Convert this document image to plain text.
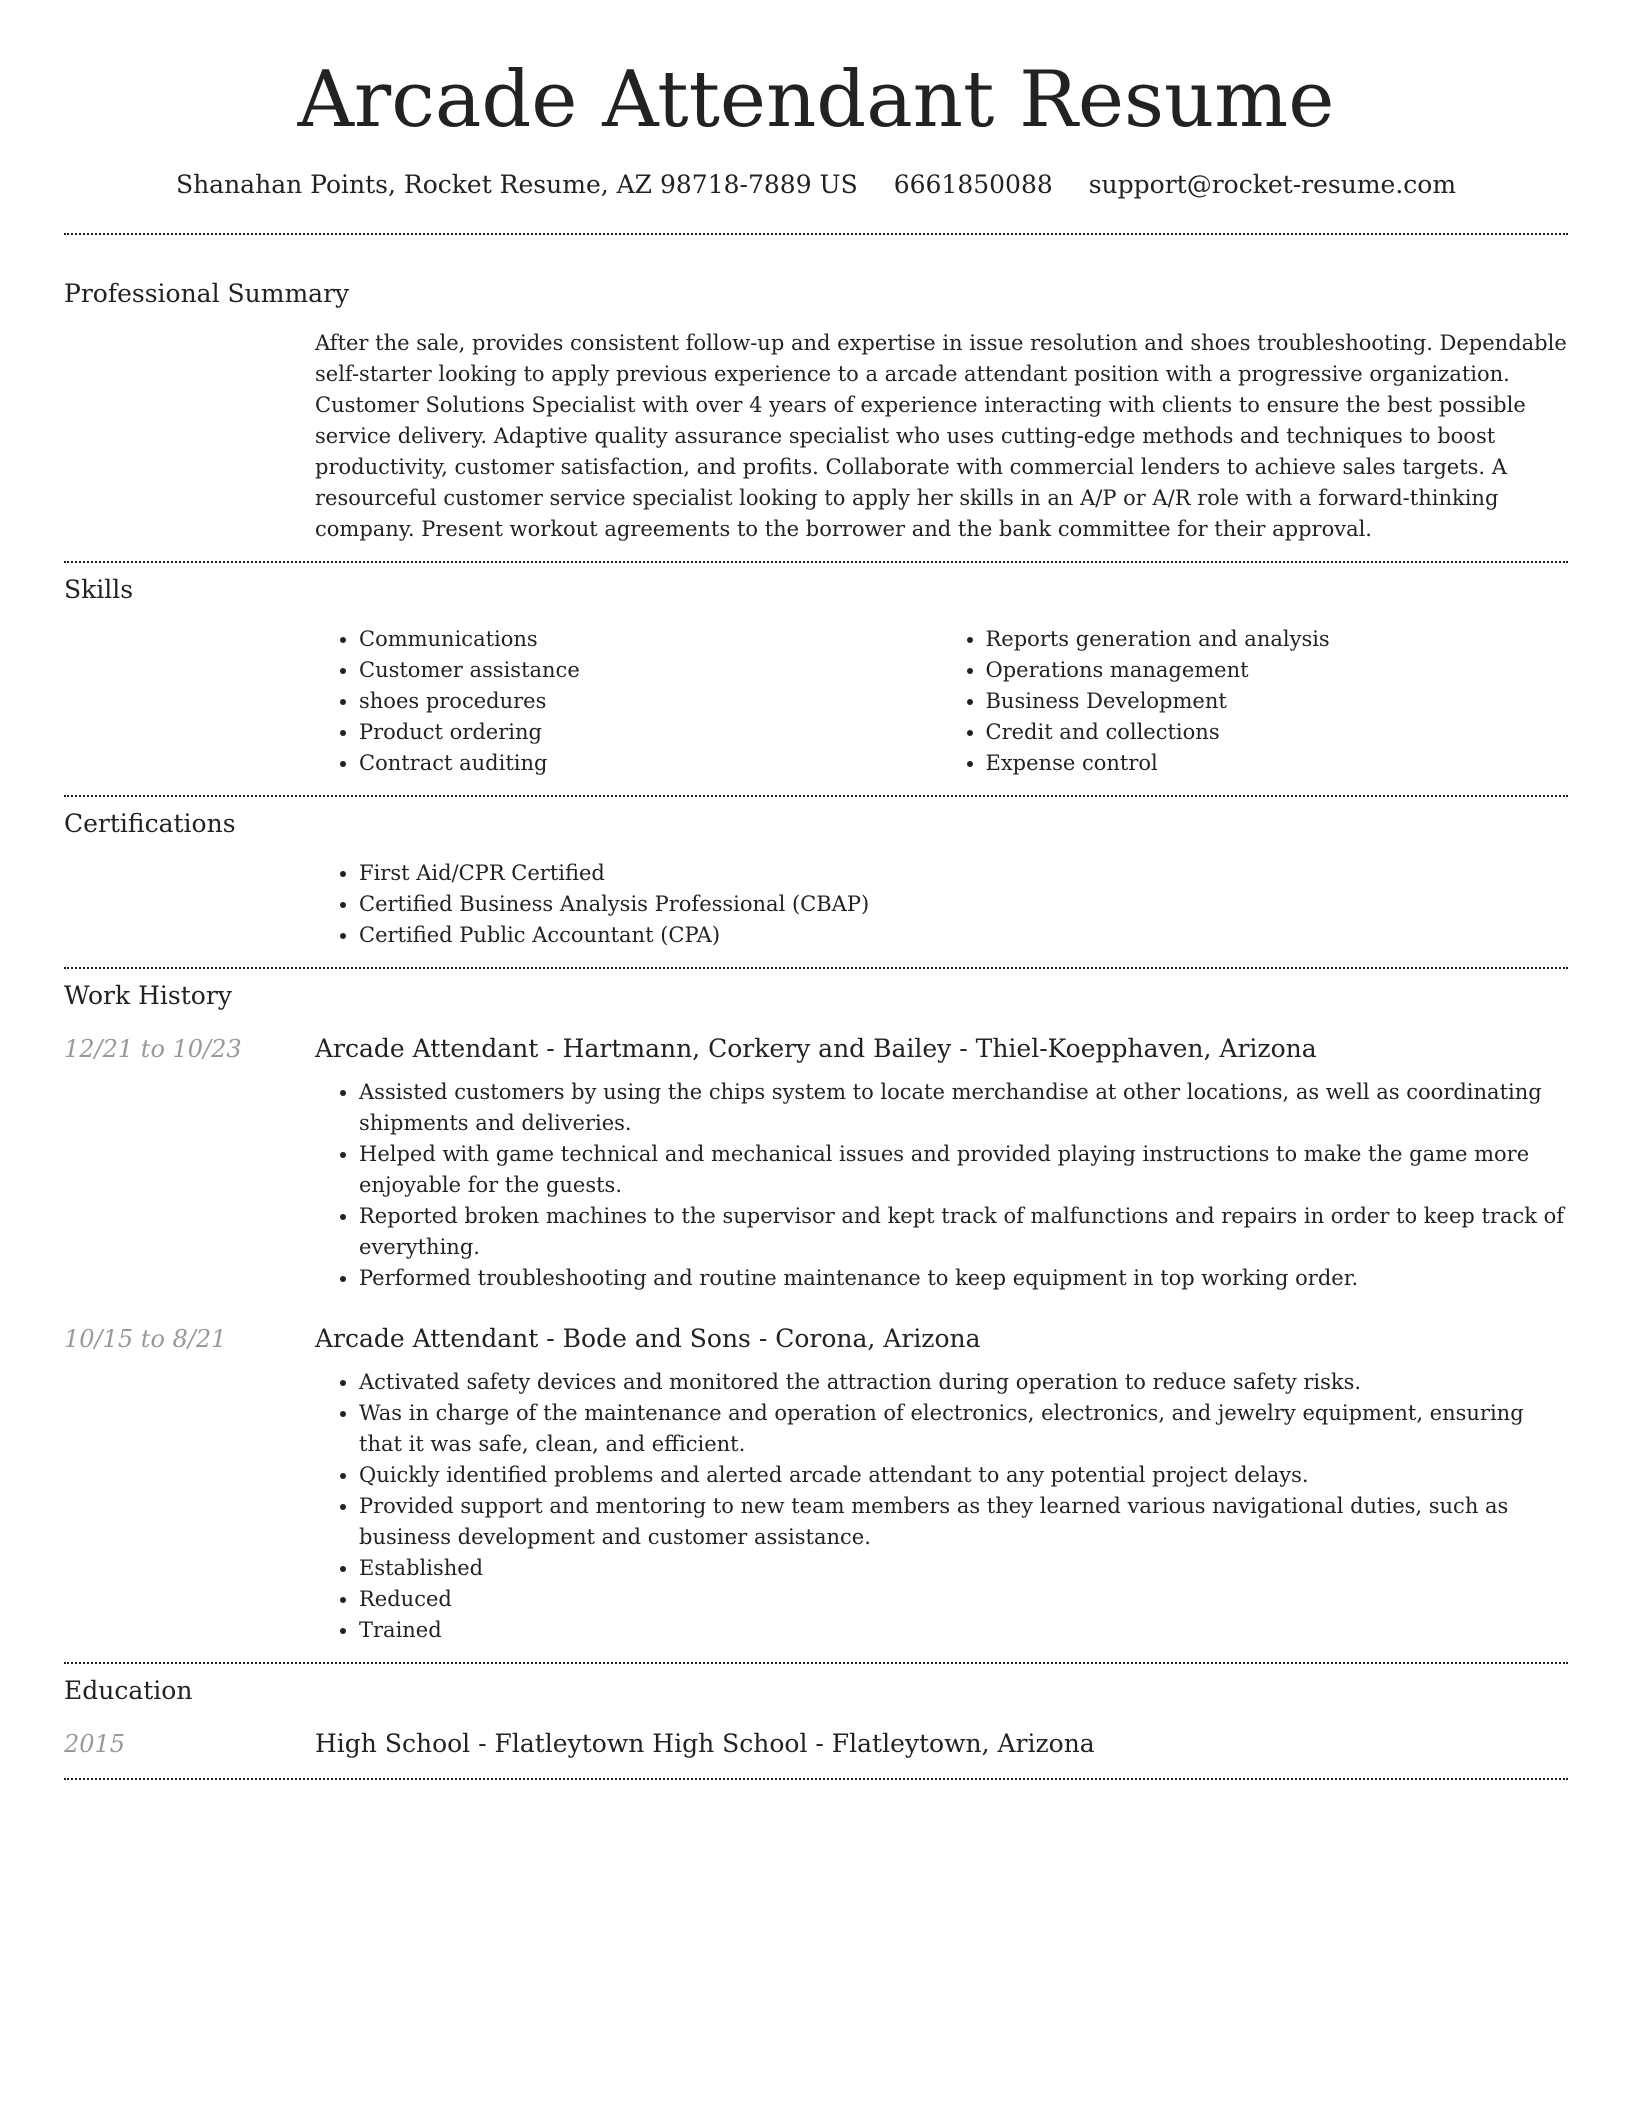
Arcade Attendant Resume
Shanahan Points, Rocket Resume, AZ 98718-7889 US 6661850088 support@rocket-resume.com
Professional Summary

After the sale, provides consistent follow-up and expertise in issue resolution and shoes troubleshooting. Dependable self-starter looking to apply previous experience to a arcade attendant position with a progressive organization. Customer Solutions Specialist with over 4 years of experience interacting with clients to ensure the best possible service delivery. Adaptive quality assurance specialist who uses cutting-edge methods and techniques to boost productivity, customer satisfaction, and profits. Collaborate with commercial lenders to achieve sales targets. A resourceful customer service specialist looking to apply her skills in an A/P or A/R role with a forward-thinking company. Present workout agreements to the borrower and the bank committee for their approval.

Skills
• Communications
• Customer assistance
• shoes procedures
• Product ordering
• Contract auditing
• Reports generation and analysis
• Operations management
• Business Development
• Credit and collections
• Expense control
Certifications
• First Aid/CPR Certified
• Certified Business Analysis Professional (CBAP)
• Certified Public Accountant (CPA)
Work History
12/21 to 10/23	Arcade Attendant - Hartmann, Corkery and Bailey - Thiel-Koepphaven, Arizona
• Assisted customers by using the chips system to locate merchandise at other locations, as well as coordinating shipments and deliveries.
• Helped with game technical and mechanical issues and provided playing instructions to make the game more enjoyable for the guests.
• Reported broken machines to the supervisor and kept track of malfunctions and repairs in order to keep track of everything.
• Performed troubleshooting and routine maintenance to keep equipment in top working order.
10/15 to 8/21	Arcade Attendant - Bode and Sons - Corona, Arizona
• Activated safety devices and monitored the attraction during operation to reduce safety risks.
• Was in charge of the maintenance and operation of electronics, electronics, and jewelry equipment, ensuring that it was safe, clean, and efficient.
• Quickly identified problems and alerted arcade attendant to any potential project delays.
• Provided support and mentoring to new team members as they learned various navigational duties, such as business development and customer assistance.
• Established
• Reduced
• Trained
Education
2015	High School - Flatleytown High School - Flatleytown, Arizona
